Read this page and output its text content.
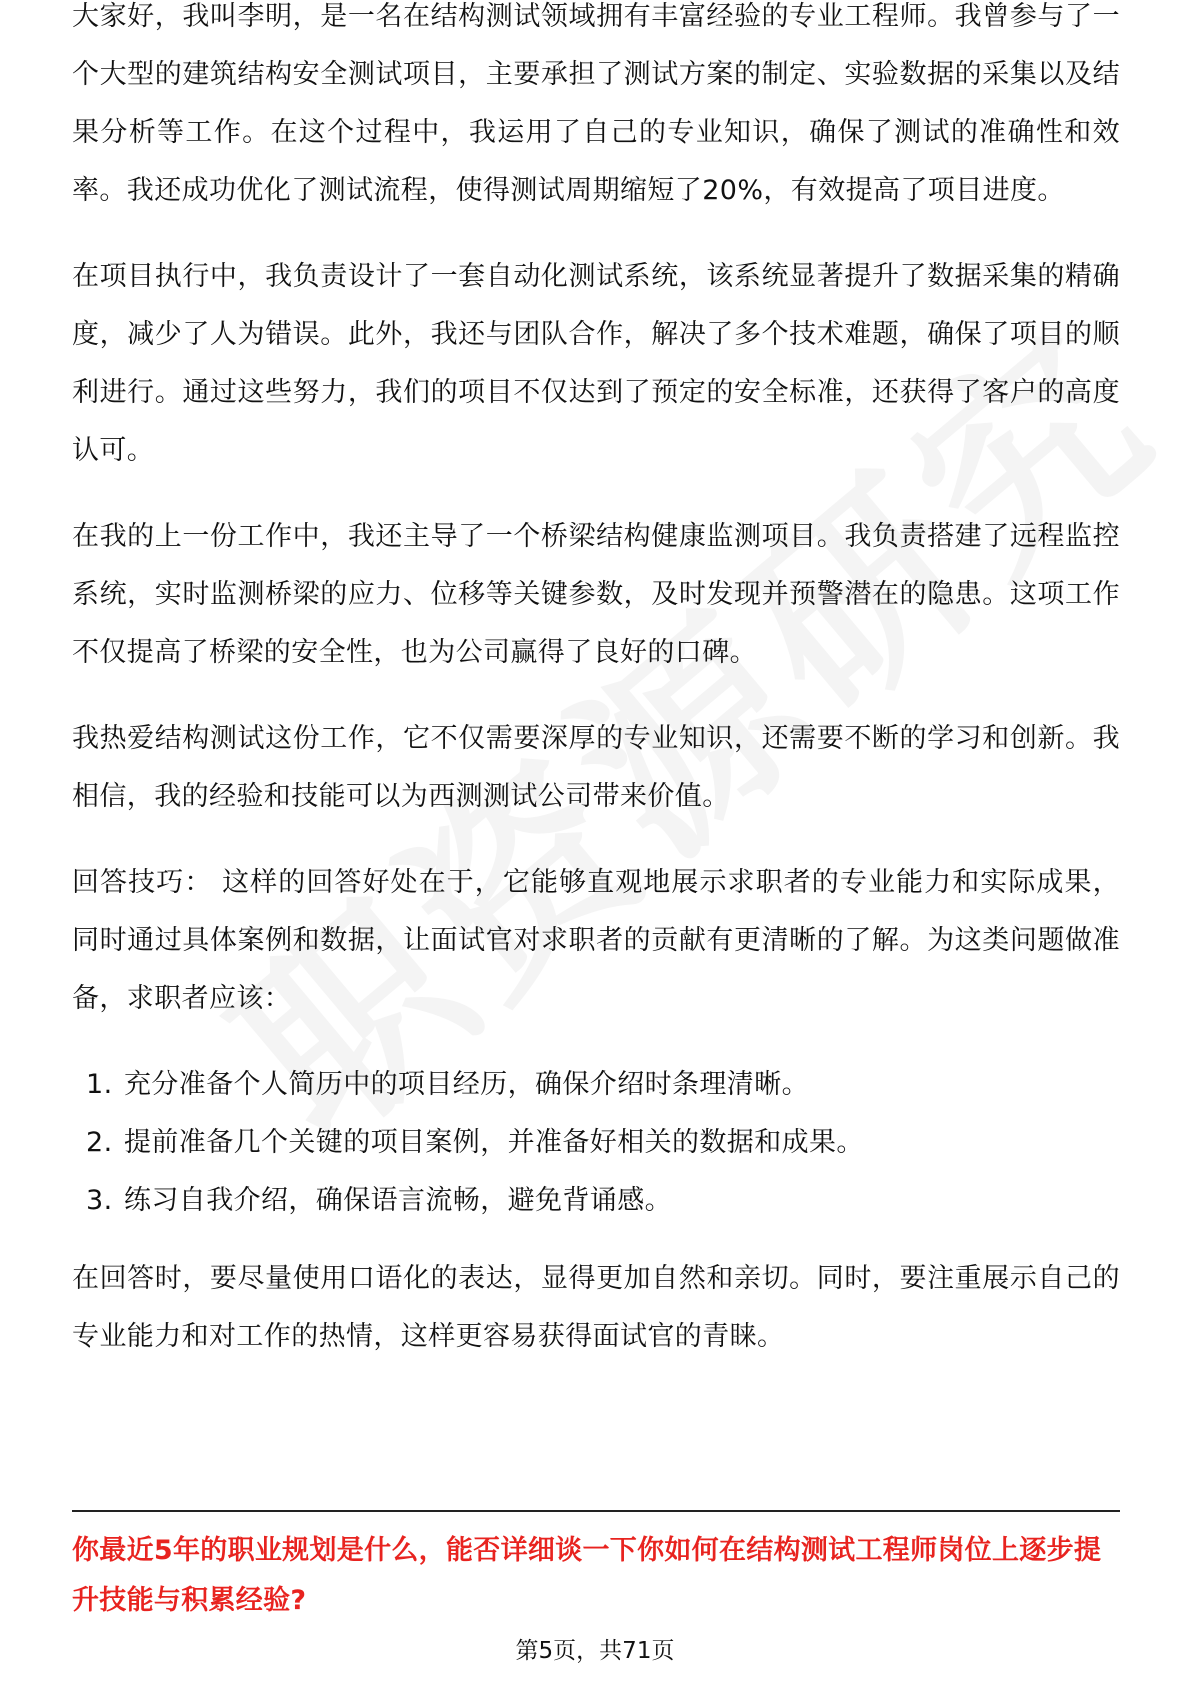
大家好，我叫李明，是一名在结构测试领域拥有丰富经验的专业工程师。我曾参与了一个大型的建筑结构安全测试项目，主要承担了测试方案的制定、实验数据的采集以及结果分析等工作。在这个过程中，我运用了自己的专业知识，确保了测试的准确性和效率。我还成功优化了测试流程，使得测试周期缩短了20%，有效提高了项目进度。

在项目执行中，我负责设计了一套自动化测试系统，该系统显著提升了数据采集的精确度，减少了人为错误。此外，我还与团队合作，解决了多个技术难题，确保了项目的顺利进行。通过这些努力，我们的项目不仅达到了预定的安全标准，还获得了客户的高度认可。

在我的上一份工作中，我还主导了一个桥梁结构健康监测项目。我负责搭建了远程监控系统，实时监测桥梁的应力、位移等关键参数，及时发现并预警潜在的隐患。这项工作不仅提高了桥梁的安全性，也为公司赢得了良好的口碑。

我热爱结构测试这份工作，它不仅需要深厚的专业知识，还需要不断的学习和创新。我相信，我的经验和技能可以为西测测试公司带来价值。

回答技巧： 这样的回答好处在于，它能够直观地展示求职者的专业能力和实际成果，同时通过具体案例和数据，让面试官对求职者的贡献有更清晰的了解。为这类问题做准备，求职者应该：

1. 充分准备个人简历中的项目经历，确保介绍时条理清晰。
2. 提前准备几个关键的项目案例，并准备好相关的数据和成果。
3. 练习自我介绍，确保语言流畅，避免背诵感。

在回答时，要尽量使用口语化的表达，显得更加自然和亲切。同时，要注重展示自己的专业能力和对工作的热情，这样更容易获得面试官的青睐。

你最近5年的职业规划是什么，能否详细谈一下你如何在结构测试工程师岗位上逐步提升技能与积累经验?
第5页，共71页
